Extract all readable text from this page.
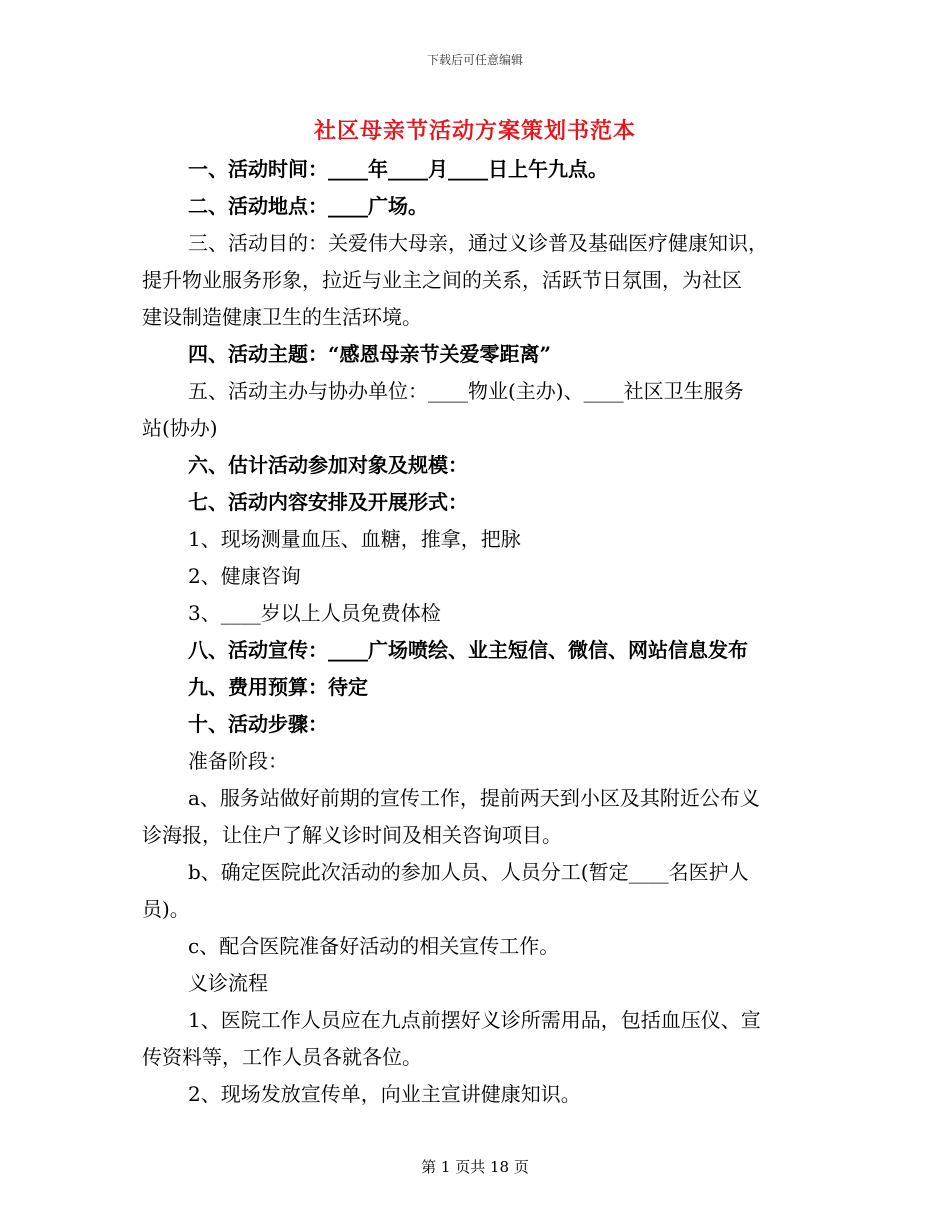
下载后可任意编辑
社区母亲节活动方案策划书范本
一、活动时间：____年____月____日上午九点。
二、活动地点：____广场。
三、活动目的：关爱伟大母亲，通过义诊普及基础医疗健康知识，
提升物业服务形象，拉近与业主之间的关系，活跃节日氛围，为社区
建设制造健康卫生的生活环境。
四、活动主题：“感恩母亲节关爱零距离”
五、活动主办与协办单位：____物业(主办)、____社区卫生服务
站(协办)
六、估计活动参加对象及规模：
七、活动内容安排及开展形式：
1、现场测量血压、血糖，推拿，把脉
2、健康咨询
3、____岁以上人员免费体检
八、活动宣传：____广场喷绘、业主短信、微信、网站信息发布
九、费用预算：待定
十、活动步骤：
准备阶段：
a、服务站做好前期的宣传工作，提前两天到小区及其附近公布义
诊海报，让住户了解义诊时间及相关咨询项目。
b、确定医院此次活动的参加人员、人员分工(暂定____名医护人
员)。
c、配合医院准备好活动的相关宣传工作。
义诊流程
1、医院工作人员应在九点前摆好义诊所需用品，包括血压仪、宣
传资料等，工作人员各就各位。
2、现场发放宣传单，向业主宣讲健康知识。
第 1 页共 18 页
